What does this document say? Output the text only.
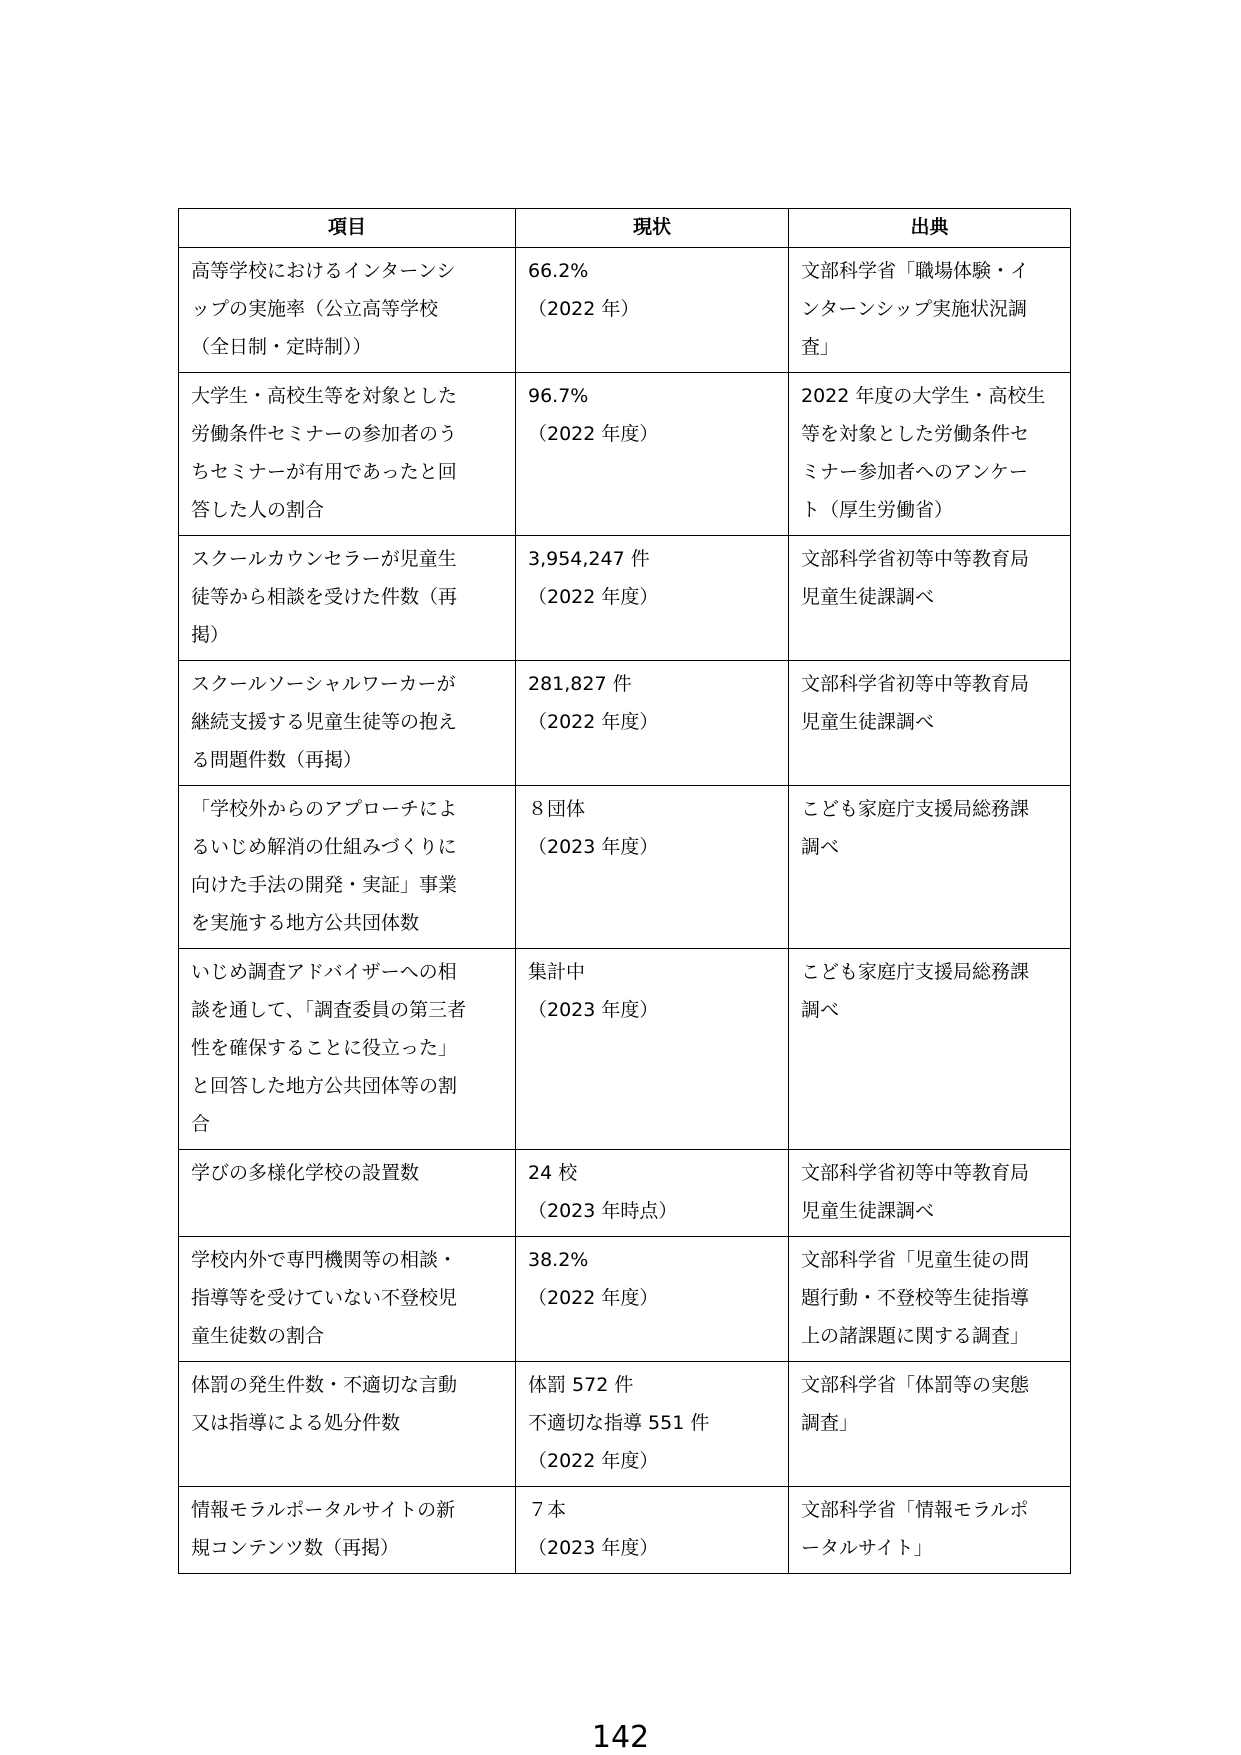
項目	現状	出典

高等学校におけるインターンシ
ップの実施率（公立高等学校
（全日制・定時制））	66.2%
（2022 年）	文部科学省「職場体験・イ
ンターンシップ実施状況調
査」

大学生・高校生等を対象とした
労働条件セミナーの参加者のう
ちセミナーが有用であったと回
答した人の割合	96.7%
（2022 年度）	2022 年度の大学生・高校生
等を対象とした労働条件セ
ミナー参加者へのアンケー
ト（厚生労働省）

スクールカウンセラーが児童生
徒等から相談を受けた件数（再
掲）	3,954,247 件
（2022 年度）	文部科学省初等中等教育局
児童生徒課調べ

スクールソーシャルワーカーが
継続支援する児童生徒等の抱え
る問題件数（再掲）	281,827 件
（2022 年度）	文部科学省初等中等教育局
児童生徒課調べ

「学校外からのアプローチによ
るいじめ解消の仕組みづくりに
向けた手法の開発・実証」事業
を実施する地方公共団体数	８団体
（2023 年度）	こども家庭庁支援局総務課
調べ

いじめ調査アドバイザーへの相
談を通して、「調査委員の第三者
性を確保することに役立った」
と回答した地方公共団体等の割
合	集計中
（2023 年度）	こども家庭庁支援局総務課
調べ

学びの多様化学校の設置数	24 校
（2023 年時点）	文部科学省初等中等教育局
児童生徒課調べ

学校内外で専門機関等の相談・
指導等を受けていない不登校児
童生徒数の割合	38.2%
（2022 年度）	文部科学省「児童生徒の問
題行動・不登校等生徒指導
上の諸課題に関する調査」

体罰の発生件数・不適切な言動
又は指導による処分件数	体罰 572 件
不適切な指導 551 件
（2022 年度）	文部科学省「体罰等の実態
調査」

情報モラルポータルサイトの新
規コンテンツ数（再掲）	７本
（2023 年度）	文部科学省「情報モラルポ
ータルサイト」
142
